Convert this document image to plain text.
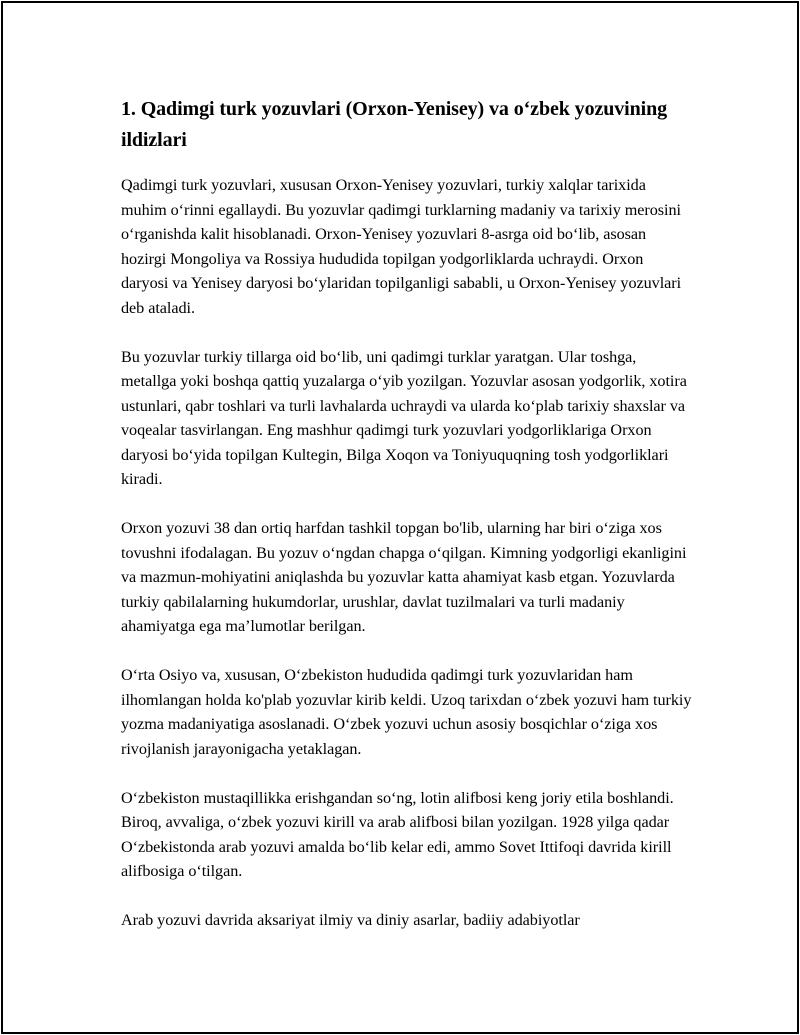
1. Qadimgi turk yozuvlari (Orxon-Yenisey) va o‘zbek yozuvining ildizlari

Qadimgi turk yozuvlari, xususan Orxon-Yenisey yozuvlari, turkiy xalqlar tarixida muhim o‘rinni egallaydi. Bu yozuvlar qadimgi turklarning madaniy va tarixiy merosini o‘rganishda kalit hisoblanadi. Orxon-Yenisey yozuvlari 8-asrga oid bo‘lib, asosan hozirgi Mongoliya va Rossiya hududida topilgan yodgorliklarda uchraydi. Orxon daryosi va Yenisey daryosi bo‘ylaridan topilganligi sababli, u Orxon-Yenisey yozuvlari deb ataladi.

Bu yozuvlar turkiy tillarga oid bo‘lib, uni qadimgi turklar yaratgan. Ular toshga, metallga yoki boshqa qattiq yuzalarga o‘yib yozilgan. Yozuvlar asosan yodgorlik, xotira ustunlari, qabr toshlari va turli lavhalarda uchraydi va ularda ko‘plab tarixiy shaxslar va voqealar tasvirlangan. Eng mashhur qadimgi turk yozuvlari yodgorliklariga Orxon daryosi bo‘yida topilgan Kultegin, Bilga Xoqon va Toniyuquqning tosh yodgorliklari kiradi.

Orxon yozuvi 38 dan ortiq harfdan tashkil topgan bo'lib, ularning har biri o‘ziga xos tovushni ifodalagan. Bu yozuv o‘ngdan chapga o‘qilgan. Kimning yodgorligi ekanligini va mazmun-mohiyatini aniqlashda bu yozuvlar katta ahamiyat kasb etgan. Yozuvlarda turkiy qabilalarning hukumdorlar, urushlar, davlat tuzilmalari va turli madaniy ahamiyatga ega ma’lumotlar berilgan.

O‘rta Osiyo va, xususan, O‘zbekiston hududida qadimgi turk yozuvlaridan ham ilhomlangan holda ko'plab yozuvlar kirib keldi. Uzoq tarixdan o‘zbek yozuvi ham turkiy yozma madaniyatiga asoslanadi. O‘zbek yozuvi uchun asosiy bosqichlar o‘ziga xos rivojlanish jarayonigacha yetaklagan.

O‘zbekiston mustaqillikka erishgandan so‘ng, lotin alifbosi keng joriy etila boshlandi. Biroq, avvaliga, o‘zbek yozuvi kirill va arab alifbosi bilan yozilgan. 1928 yilga qadar O‘zbekistonda arab yozuvi amalda bo‘lib kelar edi, ammo Sovet Ittifoqi davrida kirill alifbosiga o‘tilgan.

Arab yozuvi davrida aksariyat ilmiy va diniy asarlar, badiiy adabiyotlar
